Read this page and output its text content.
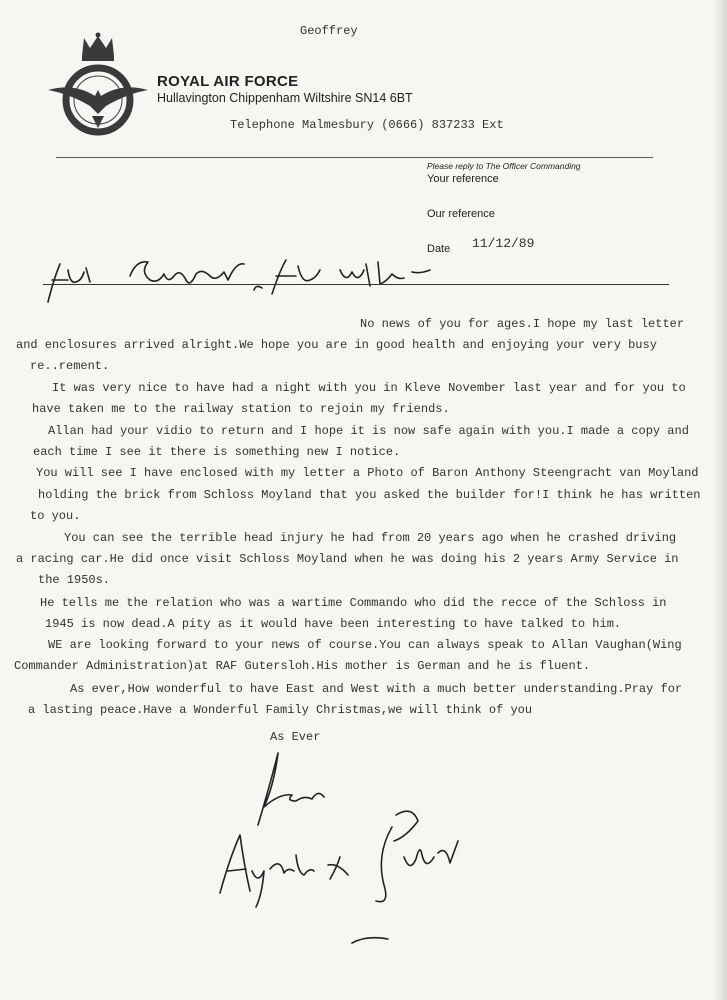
Geoffrey
ROYAL AIR FORCE
Hullavington Chippenham Wiltshire SN14 6BT
Telephone Malmesbury (0666) 837233 Ext
Please reply to The Officer Commanding
Your reference
Our reference
Date 11/12/89
No news of you for ages.I hope my last letter
and enclosures arrived alright.We hope you are in good health and enjoying your very busy
re..rement.
It was very nice to have had a night with you in Kleve November last year and for you to
have taken me to the railway station to rejoin my friends.
Allan had your vidio to return and I hope it is now safe again with you.I made a copy and
each time I see it there is something new I notice.
You will see I have enclosed with my letter a Photo of Baron Anthony Steengracht van Moyland
holding the brick from Schloss Moyland that you asked the builder for!I think he has written
to you.
You can see the terrible head injury he had from 20 years ago when he crashed driving
a racing car.He did once visit Schloss Moyland when he was doing his 2 years Army Service in
the 1950s.
He tells me the relation who was a wartime Commando who did the recce of the Schloss in
1945 is now dead.A pity as it would have been interesting to have talked to him.
WE are looking forward to your news of course.You can always speak to Allan Vaughan(Wing
Commander Administration)at RAF Gutersloh.His mother is German and he is fluent.
As ever,How wonderful to have East and West with a much better understanding.Pray for
a lasting peace.Have a Wonderful Family Christmas,we will think of you
As Ever
